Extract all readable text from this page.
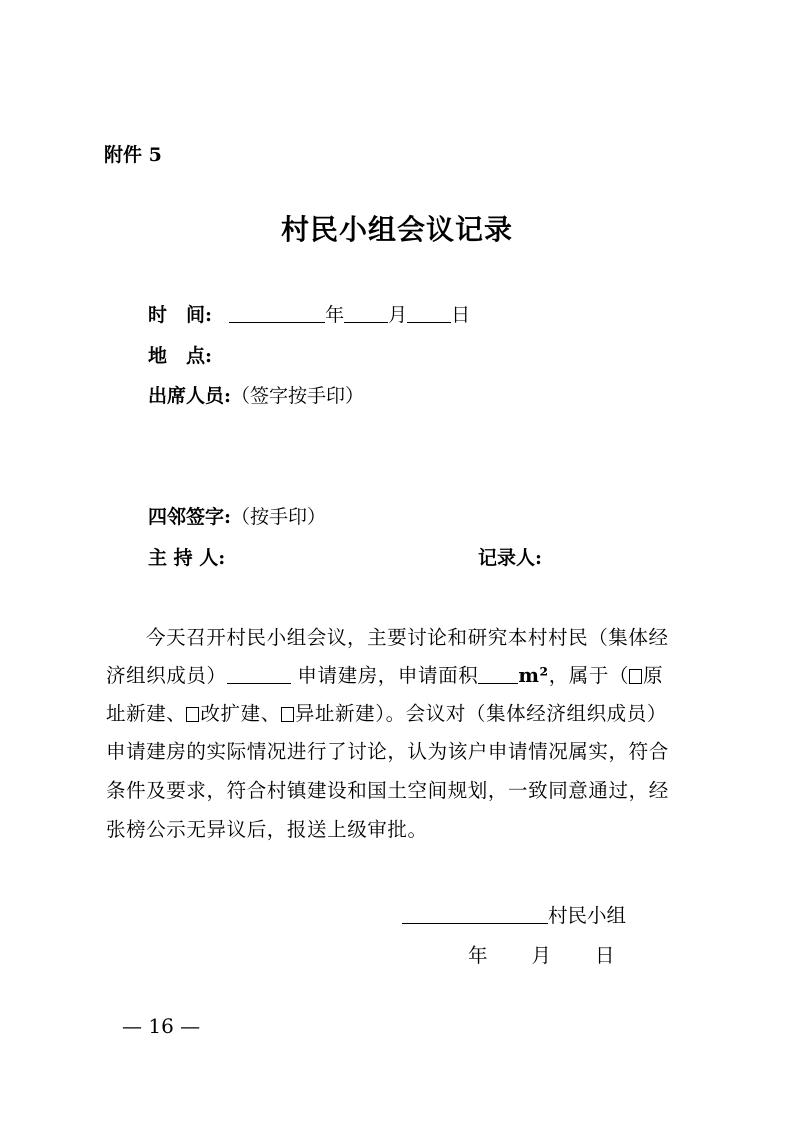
附件 5
村民小组会议记录
时　间:	年 月 日
地　点:
出席人员:（签字按手印）
四邻签字:（按手印）
主 持 人:	记录人:
今天召开村民小组会议，主要讨论和研究本村村民（集体经
济组织成员）	申请建房，申请面积 m²，属于（ 原
址新建、 改扩建、 异址新建）。会议对（集体经济组织成员）
申请建房的实际情况进行了讨论，认为该户申请情况属实，符合
条件及要求，符合村镇建设和国土空间规划，一致同意通过，经
张榜公示无异议后，报送上级审批。
村民小组
年 月 日
— 16 —
